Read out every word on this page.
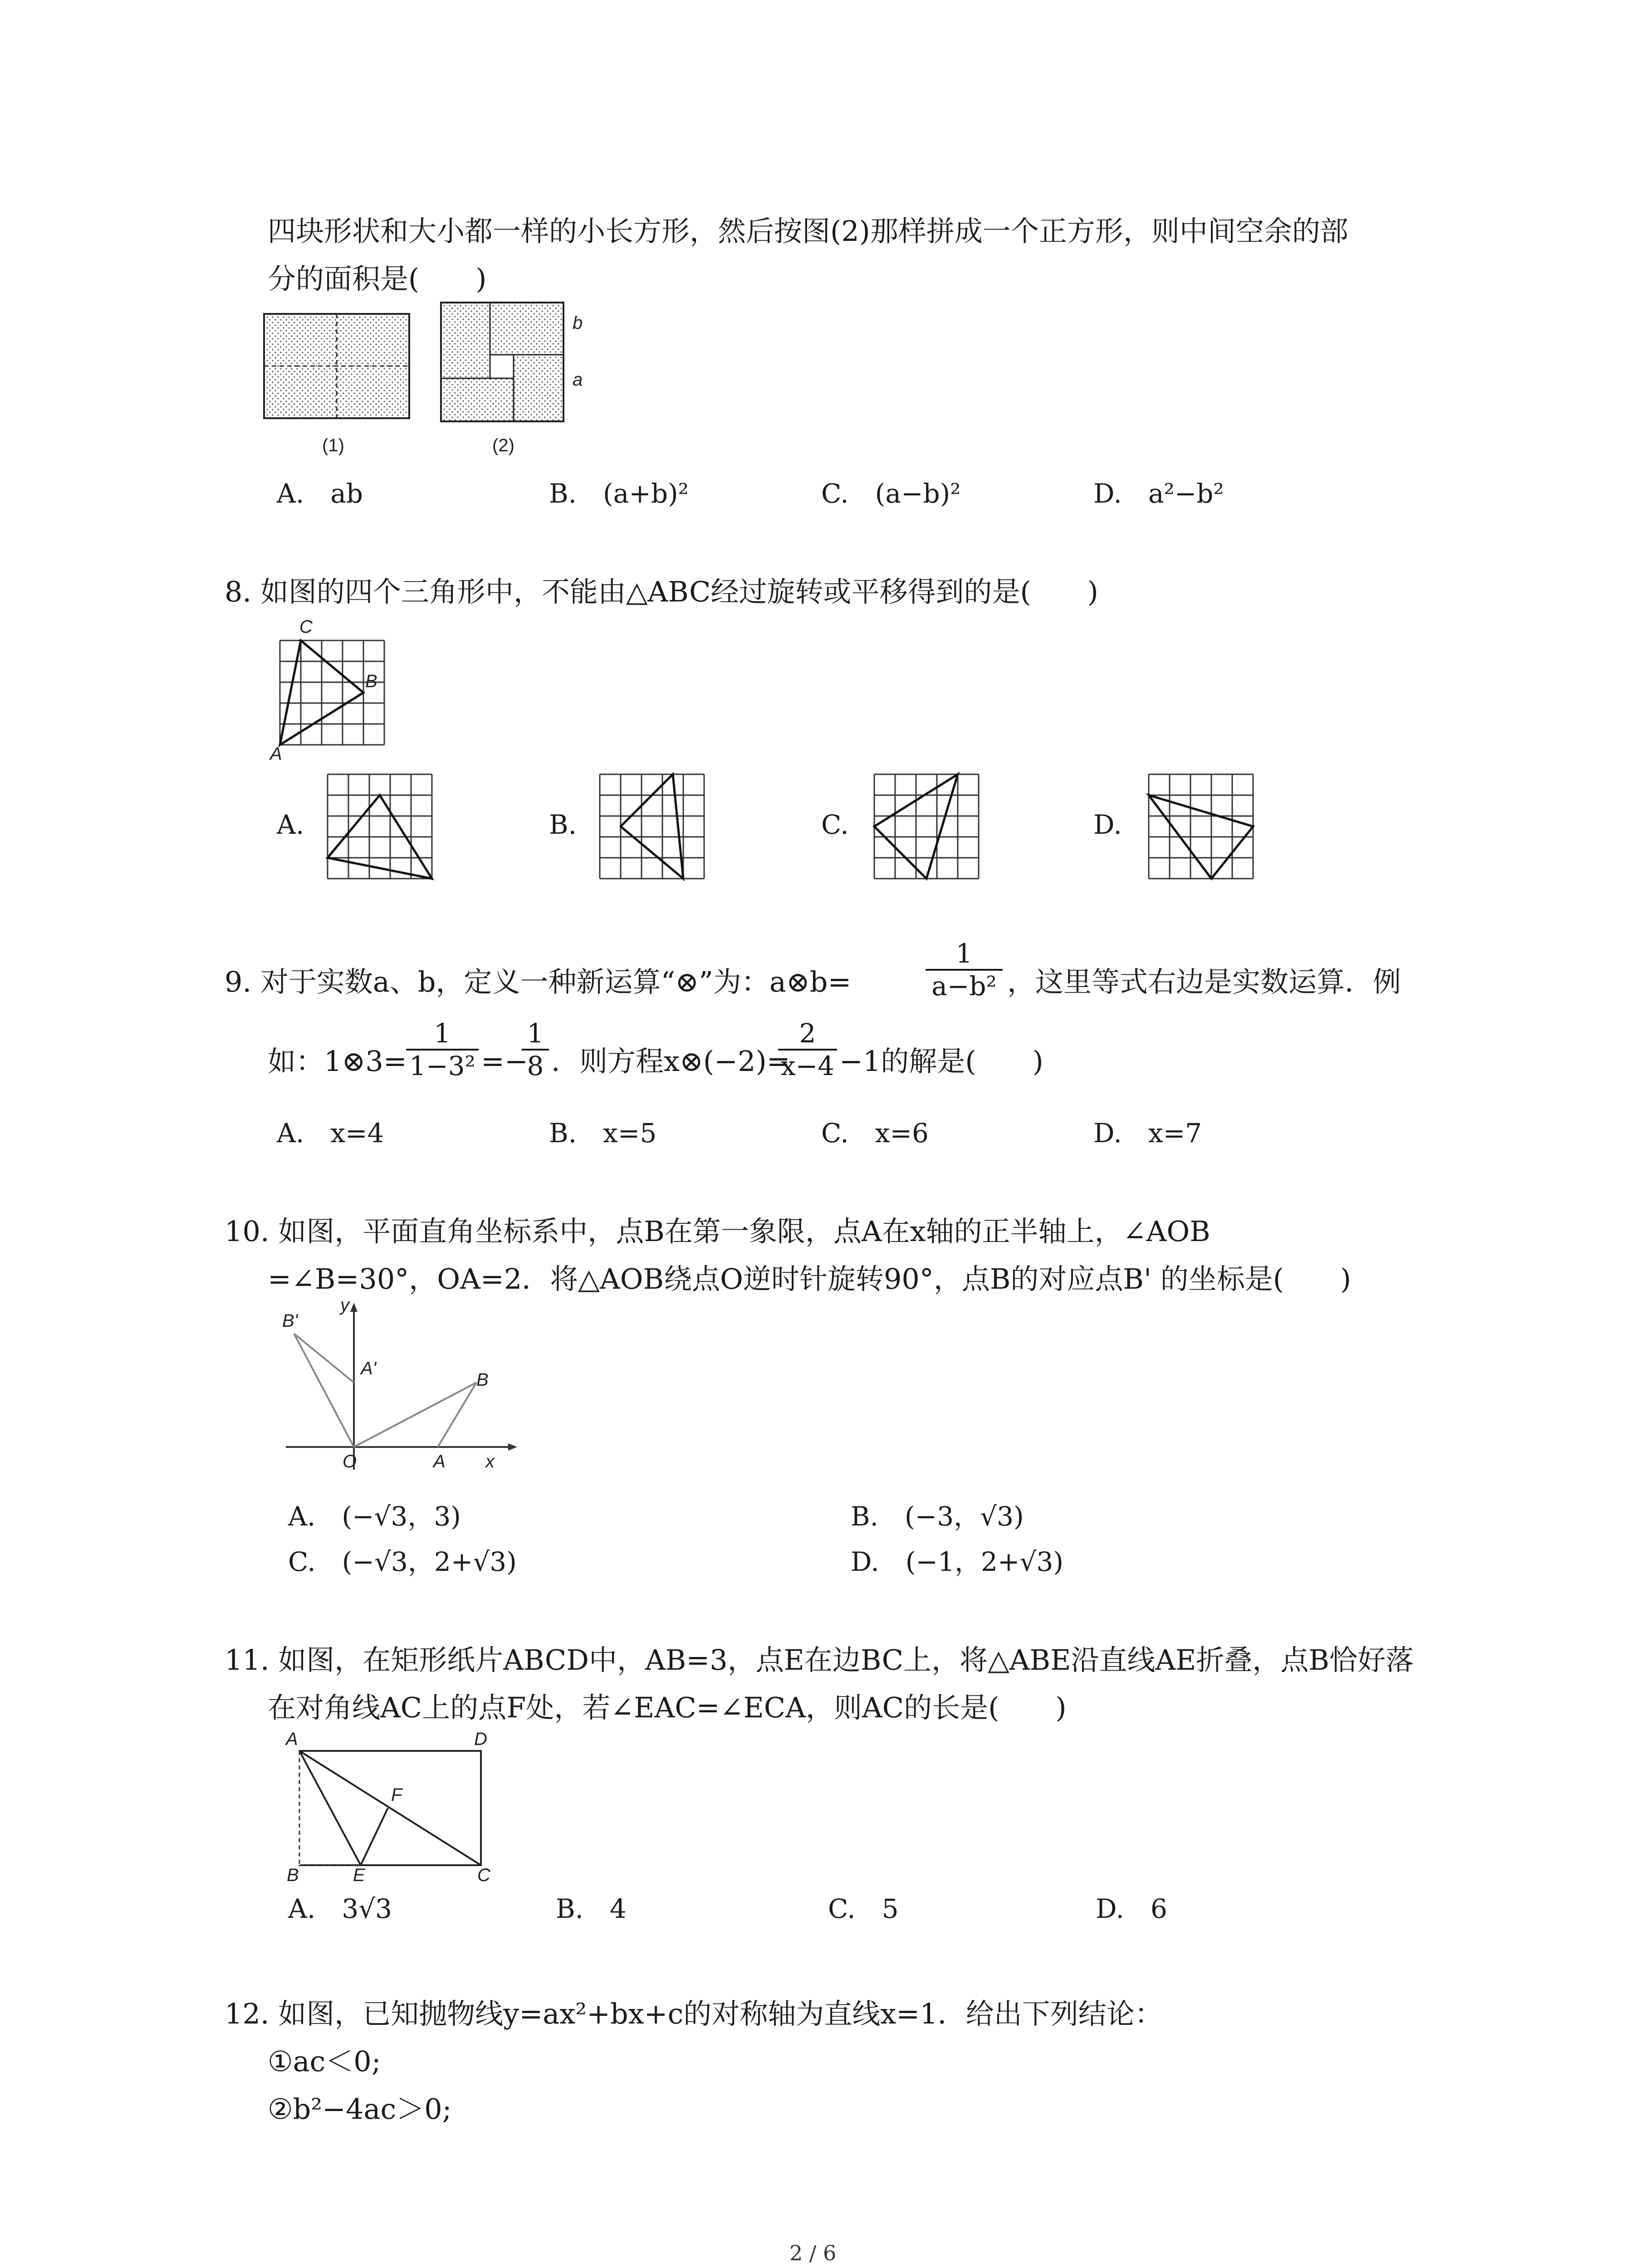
四块形状和大小都一样的小长方形，然后按图(2)那样拼成一个正方形，则中间空余的部
分的面积是(　　)
(1)
b
a
(2)
A.　ab	B.　(a+b)²	C.　(a−b)²	D.　a²−b²
8. 如图的四个三角形中，不能由△ABC经过旋转或平移得到的是(　　)
C
B
A
A.	B.	C.	D.
9. 对于实数a、b，定义一种新运算“⊗”为：a⊗b=	$\frac{1}{\text{a−b²}}$ ，这里等式右边是实数运算．例
如：1⊗3=
$\frac{1}{\text{1−3²}}$ =−
$\frac{1}{8}$ ．则方程x⊗(−2)=
$\frac{2}{x-4} -1$的解是(　　)
A.　x=4	B.　x=5	C.　x=6	D.　x=7
10. 如图，平面直角坐标系中，点B在第一象限，点A在x轴的正半轴上，∠AOB
=∠B=30°，OA=2．将△AOB绕点O逆时针旋转90°，点B的对应点B' 的坐标是(　　)
B'
y
A'
B
O	A x
A.　(−√3，3)	B.　(−3，√3)
C.　(−√3，2+√3)	D.　(−1，2+√3)
11. 如图，在矩形纸片ABCD中，AB=3，点E在边BC上，将△ABE沿直线AE折叠，点B恰好落
在对角线AC上的点F处，若∠EAC=∠ECA，则AC的长是(　　)
A	D
F
B	E	C
A.　3√3	B.　4	C.　5	D.　6
12. 如图，已知抛物线y=ax²+bx+c的对称轴为直线x=1．给出下列结论：
①ac＜0;
②b²−4ac＞0;
2 / 6
